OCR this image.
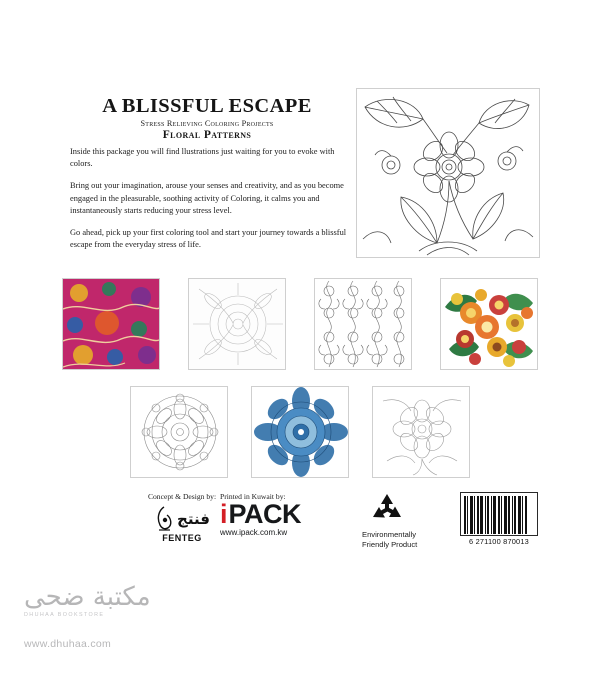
A BLISSFUL ESCAPE
Stress Relieving Coloring Projects
Floral Patterns

Inside this package you will find llustrations just waiting for you to evoke with colors.

Bring out your imagination, arouse your senses and creativity, and as you become engaged in the pleasurable, soothing activity of Coloring, it calms you and instantaneously starts reducing your stress level.

Go ahead, pick up your first coloring tool and start your journey towards a blissful escape from the everyday stress of life.

Concept & Design by:
فنتج
FENTEG
Printed in Kuwait by:
i PACK
www.ipack.com.kw	Environmentally
Friendly Product	6 271100 870013
مكتبة ضحى
DHUHAA BOOKSTORE
www.dhuhaa.com
